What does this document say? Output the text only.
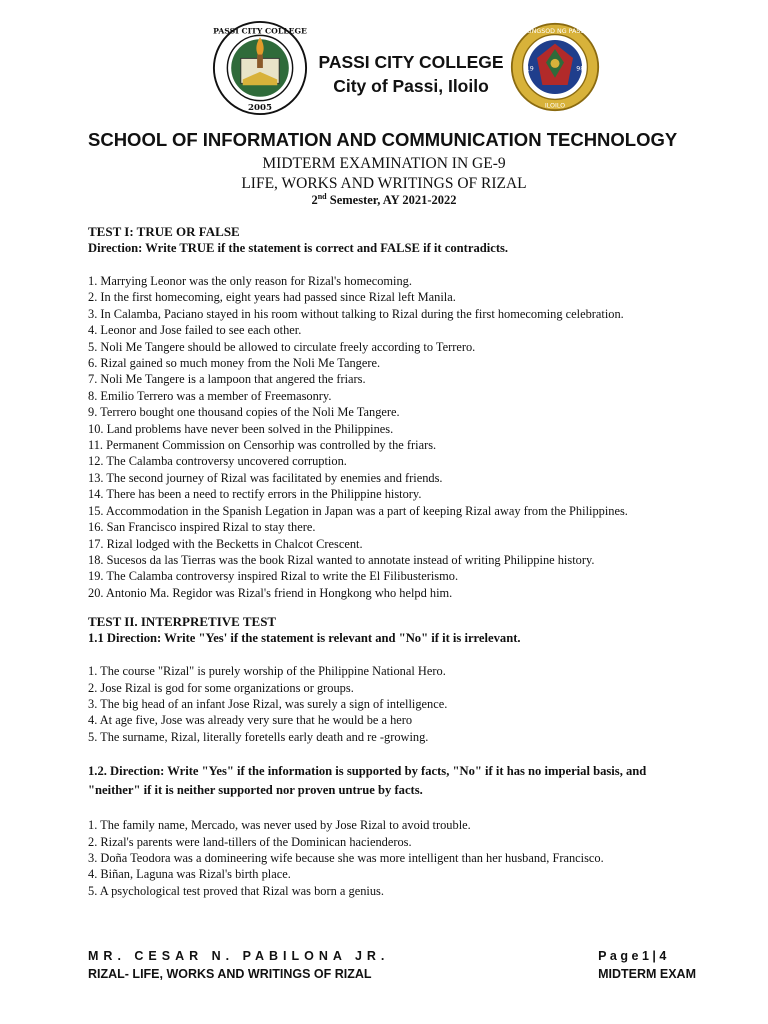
PASSI CITY COLLEGE
2005
PASSI CITY COLLEGE
City of Passi, Iloilo
LUNGSOD NG PASSI
19	98
ILOILO
SCHOOL OF INFORMATION AND COMMUNICATION TECHNOLOGY
MIDTERM EXAMINATION IN GE-9
LIFE, WORKS AND WRITINGS OF RIZAL
2nd Semester, AY 2021-2022
TEST I: TRUE OR FALSE
Direction: Write TRUE if the statement is correct and FALSE if it contradicts.
1. Marrying Leonor was the only reason for Rizal's homecoming.
2. In the first homecoming, eight years had passed since Rizal left Manila.
3. In Calamba, Paciano stayed in his room without talking to Rizal during the first homecoming celebration.
4. Leonor and Jose failed to see each other.
5. Noli Me Tangere should be allowed to circulate freely according to Terrero.
6. Rizal gained so much money from the Noli Me Tangere.
7. Noli Me Tangere is a lampoon that angered the friars.
8. Emilio Terrero was a member of Freemasonry.
9. Terrero bought one thousand copies of the Noli Me Tangere.
10. Land problems have never been solved in the Philippines.
11. Permanent Commission on Censorhip was controlled by the friars.
12. The Calamba controversy uncovered corruption.
13. The second journey of Rizal was facilitated by enemies and friends.
14. There has been a need to rectify errors in the Philippine history.
15. Accommodation in the Spanish Legation in Japan was a part of keeping Rizal away from the Philippines.
16. San Francisco inspired Rizal to stay there.
17. Rizal lodged with the Becketts in Chalcot Crescent.
18. Sucesos da las Tierras was the book Rizal wanted to annotate instead of writing Philippine history.
19. The Calamba controversy inspired Rizal to write the El Filibusterismo.
20. Antonio Ma. Regidor was Rizal's friend in Hongkong who helpd him.
TEST II. INTERPRETIVE TEST
1.1 Direction: Write "Yes' if the statement is relevant and "No" if it is irrelevant.
1. The course "Rizal" is purely worship of the Philippine National Hero.
2. Jose Rizal is god for some organizations or groups.
3. The big head of an infant Jose Rizal, was surely a sign of intelligence.
4. At age five, Jose was already very sure that he would be a hero
5. The surname, Rizal, literally foretells early death and re -growing.
1.2. Direction: Write "Yes" if the information is supported by facts, "No" if it has no imperial basis, and
"neither" if it is neither supported nor proven untrue by facts.
1. The family name, Mercado, was never used by Jose Rizal to avoid trouble.
2. Rizal's parents were land-tillers of the Dominican hacienderos.
3. Doña Teodora was a domineering wife because she was more intelligent than her husband, Francisco.
4. Biñan, Laguna was Rizal's birth place.
5. A psychological test proved that Rizal was born a genius.
MR. CESAR N. PABILONA JR.
RIZAL- LIFE, WORKS AND WRITINGS OF RIZAL
Page1|4
MIDTERM EXAM
